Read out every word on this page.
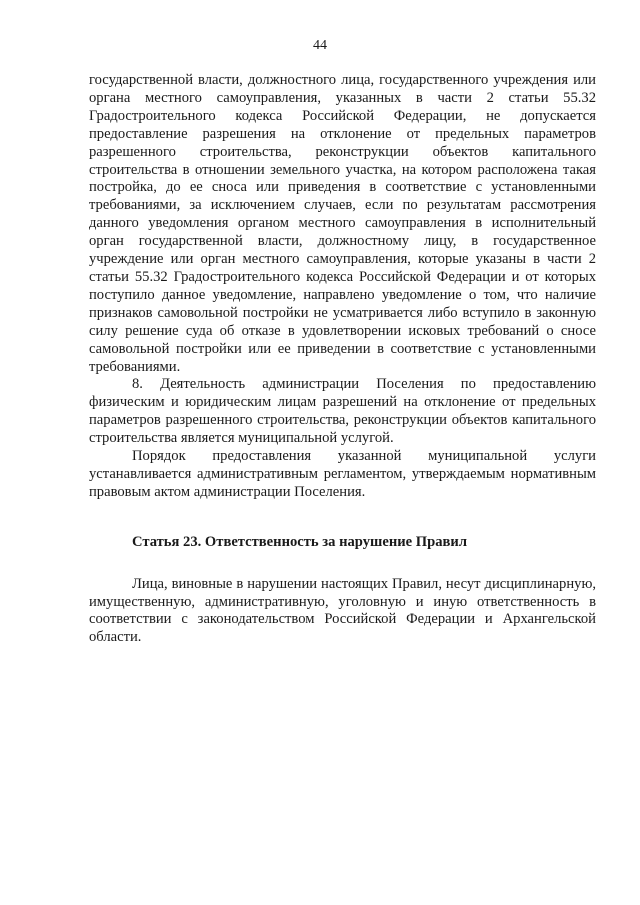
44

государственной власти, должностного лица, государственного учреждения или органа местного самоуправления, указанных в части 2 статьи 55.32 Градостроительного кодекса Российской Федерации, не допускается предоставление разрешения на отклонение от предельных параметров разрешенного строительства, реконструкции объектов капитального строительства в отношении земельного участка, на котором расположена такая постройка, до ее сноса или приведения в соответствие с установленными требованиями, за исключением случаев, если по результатам рассмотрения данного уведомления органом местного самоуправления в исполнительный орган государственной власти, должностному лицу, в государственное учреждение или орган местного самоуправления, которые указаны в части 2 статьи 55.32 Градостроительного кодекса Российской Федерации и от которых поступило данное уведомление, направлено уведомление о том, что наличие признаков самовольной постройки не усматривается либо вступило в законную силу решение суда об отказе в удовлетворении исковых требований о сносе самовольной постройки или ее приведении в соответствие с установленными требованиями.

8. Деятельность администрации Поселения по предоставлению физическим и юридическим лицам разрешений на отклонение от предельных параметров разрешенного строительства, реконструкции объектов капитального строительства является муниципальной услугой.

Порядок предоставления указанной муниципальной услуги устанавливается административным регламентом, утверждаемым нормативным правовым актом администрации Поселения.

Статья 23. Ответственность за нарушение Правил

Лица, виновные в нарушении настоящих Правил, несут дисциплинарную, имущественную, административную, уголовную и иную ответственность в соответствии с законодательством Российской Федерации и Архангельской области.
